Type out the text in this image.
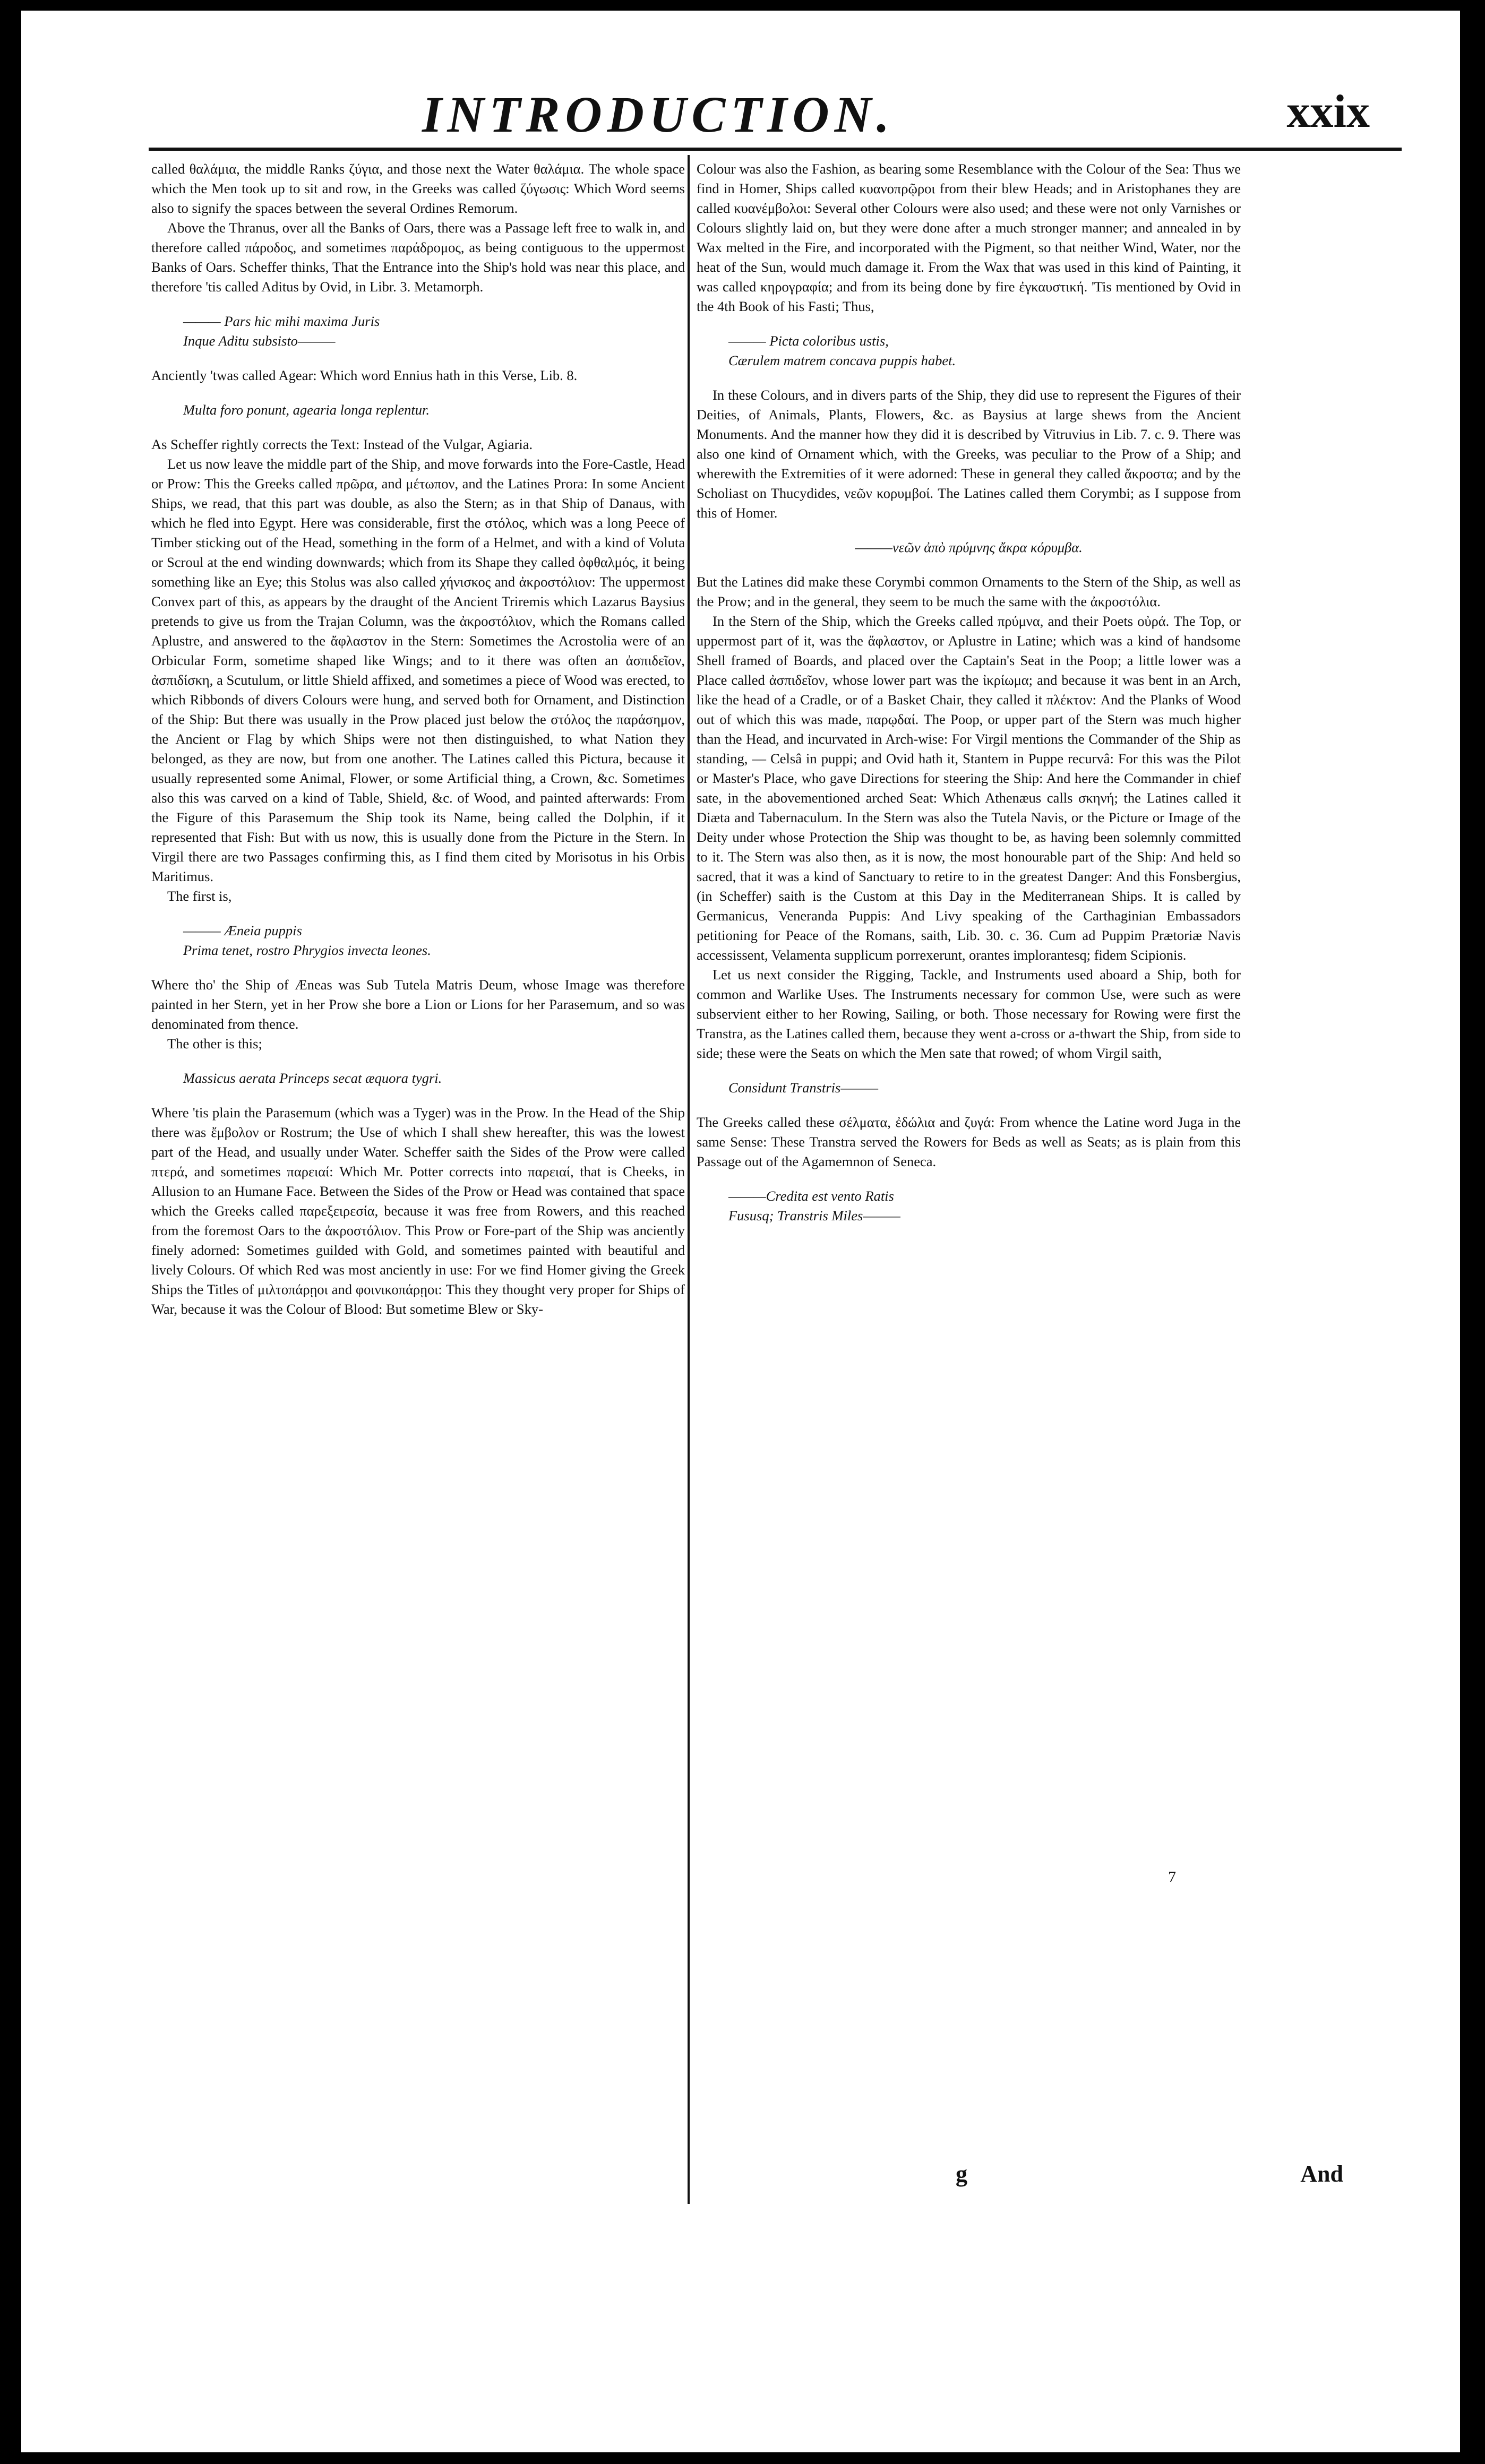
INTRODUCTION.	xxix

called θαλάμια, the middle Ranks ζύγια, and those next the Water θαλάμια. The whole space which the Men took up to sit and row, in the Greeks was called ζύγωσις: Which Word seems also to signify the spaces between the several Ordines Remorum.

Above the Thranus, over all the Banks of Oars, there was a Passage left free to walk in, and therefore called πάροδος, and sometimes παράδρομος, as being contiguous to the uppermost Banks of Oars. Scheffer thinks, That the Entrance into the Ship's hold was near this place, and therefore 'tis called Aditus by Ovid, in Libr. 3. Metamorph.

——— Pars hic mihi maxima Juris
Inque Aditu subsisto———

Anciently 'twas called Agear: Which word Ennius hath in this Verse, Lib. 8.

Multa foro ponunt, agearia longa replentur.

As Scheffer rightly corrects the Text: Instead of the Vulgar, Agiaria.

Let us now leave the middle part of the Ship, and move forwards into the Fore-Castle, Head or Prow: This the Greeks called πρῶρα, and μέτωπον, and the Latines Prora: In some Ancient Ships, we read, that this part was double, as also the Stern; as in that Ship of Danaus, with which he fled into Egypt. Here was considerable, first the στόλος, which was a long Peece of Timber sticking out of the Head, something in the form of a Helmet, and with a kind of Voluta or Scroul at the end winding downwards; which from its Shape they called ὀφθαλμός, it being something like an Eye; this Stolus was also called χήνισκος and ἀκροστόλιον: The uppermost Convex part of this, as appears by the draught of the Ancient Triremis which Lazarus Baysius pretends to give us from the Trajan Column, was the ἀκροστόλιον, which the Romans called Aplustre, and answered to the ἄφλαστον in the Stern: Sometimes the Acrostolia were of an Orbicular Form, sometime shaped like Wings; and to it there was often an ἀσπιδεῖον, ἀσπιδίσκη, a Scutulum, or little Shield affixed, and sometimes a piece of Wood was erected, to which Ribbonds of divers Colours were hung, and served both for Ornament, and Distinction of the Ship: But there was usually in the Prow placed just below the στόλος the παράσημον, the Ancient or Flag by which Ships were not then distinguished, to what Nation they belonged, as they are now, but from one another. The Latines called this Pictura, because it usually represented some Animal, Flower, or some Artificial thing, a Crown, &c. Sometimes also this was carved on a kind of Table, Shield, &c. of Wood, and painted afterwards: From the Figure of this Parasemum the Ship took its Name, being called the Dolphin, if it represented that Fish: But with us now, this is usually done from the Picture in the Stern. In Virgil there are two Passages confirming this, as I find them cited by Morisotus in his Orbis Maritimus.

The first is,

——— Æneia puppis
Prima tenet, rostro Phrygios invecta leones.

Where tho' the Ship of Æneas was Sub Tutela Matris Deum, whose Image was therefore painted in her Stern, yet in her Prow she bore a Lion or Lions for her Parasemum, and so was denominated from thence.

The other is this;

Massicus aerata Princeps secat æquora tygri.

Where 'tis plain the Parasemum (which was a Tyger) was in the Prow. In the Head of the Ship there was ἔμβολον or Rostrum; the Use of which I shall shew hereafter, this was the lowest part of the Head, and usually under Water. Scheffer saith the Sides of the Prow were called πτερά, and sometimes παρειαί: Which Mr. Potter corrects into παρειαί, that is Cheeks, in Allusion to an Humane Face. Between the Sides of the Prow or Head was contained that space which the Greeks called παρεξειρεσία, because it was free from Rowers, and this reached from the foremost Oars to the ἀκροστόλιον. This Prow or Fore-part of the Ship was anciently finely adorned: Sometimes guilded with Gold, and sometimes painted with beautiful and lively Colours. Of which Red was most anciently in use: For we find Homer giving the Greek Ships the Titles of μιλτοπάρῃοι and φοινικοπάρῃοι: This they thought very proper for Ships of War, because it was the Colour of Blood: But sometime Blew or Sky-

Colour was also the Fashion, as bearing some Resemblance with the Colour of the Sea: Thus we find in Homer, Ships called κυανοπρῷροι from their blew Heads; and in Aristophanes they are called κυανέμβολοι: Several other Colours were also used; and these were not only Varnishes or Colours slightly laid on, but they were done after a much stronger manner; and annealed in by Wax melted in the Fire, and incorporated with the Pigment, so that neither Wind, Water, nor the heat of the Sun, would much damage it. From the Wax that was used in this kind of Painting, it was called κηρογραφία; and from its being done by fire ἐγκαυστική. 'Tis mentioned by Ovid in the 4th Book of his Fasti; Thus,

——— Picta coloribus ustis,
Cærulem matrem concava puppis habet.

In these Colours, and in divers parts of the Ship, they did use to represent the Figures of their Deities, of Animals, Plants, Flowers, &c. as Baysius at large shews from the Ancient Monuments. And the manner how they did it is described by Vitruvius in Lib. 7. c. 9. There was also one kind of Ornament which, with the Greeks, was peculiar to the Prow of a Ship; and wherewith the Extremities of it were adorned: These in general they called ἄκροστα; and by the Scholiast on Thucydides, νεῶν κορυμβοί. The Latines called them Corymbi; as I suppose from this of Homer.

———νεῶν ἀπὸ πρύμνης ἄκρα κόρυμβα.

But the Latines did make these Corymbi common Ornaments to the Stern of the Ship, as well as the Prow; and in the general, they seem to be much the same with the ἀκροστόλια.

In the Stern of the Ship, which the Greeks called πρύμνα, and their Poets οὐρά. The Top, or uppermost part of it, was the ἄφλαστον, or Aplustre in Latine; which was a kind of handsome Shell framed of Boards, and placed over the Captain's Seat in the Poop; a little lower was a Place called ἀσπιδεῖον, whose lower part was the ἰκρίωμα; and because it was bent in an Arch, like the head of a Cradle, or of a Basket Chair, they called it πλέκτον: And the Planks of Wood out of which this was made, παρῳδαί. The Poop, or upper part of the Stern was much higher than the Head, and incurvated in Arch-wise: For Virgil mentions the Commander of the Ship as standing, — Celsâ in puppi; and Ovid hath it, Stantem in Puppe recurvâ: For this was the Pilot or Master's Place, who gave Directions for steering the Ship: And here the Commander in chief sate, in the abovementioned arched Seat: Which Athenæus calls σκηνή; the Latines called it Diæta and Tabernaculum. In the Stern was also the Tutela Navis, or the Picture or Image of the Deity under whose Protection the Ship was thought to be, as having been solemnly committed to it. The Stern was also then, as it is now, the most honourable part of the Ship: And held so sacred, that it was a kind of Sanctuary to retire to in the greatest Danger: And this Fonsbergius, (in Scheffer) saith is the Custom at this Day in the Mediterranean Ships. It is called by Germanicus, Veneranda Puppis: And Livy speaking of the Carthaginian Embassadors petitioning for Peace of the Romans, saith, Lib. 30. c. 36. Cum ad Puppim Prætoriæ Navis accessissent, Velamenta supplicum porrexerunt, orantes implorantesq; fidem Scipionis.

Let us next consider the Rigging, Tackle, and Instruments used aboard a Ship, both for common and Warlike Uses. The Instruments necessary for common Use, were such as were subservient either to her Rowing, Sailing, or both. Those necessary for Rowing were first the Transtra, as the Latines called them, because they went a-cross or a-thwart the Ship, from side to side; these were the Seats on which the Men sate that rowed; of whom Virgil saith,

Considunt Transtris———

The Greeks called these σέλματα, ἐδώλια and ζυγά: From whence the Latine word Juga in the same Sense: These Transtra served the Rowers for Beds as well as Seats; as is plain from this Passage out of the Agamemnon of Seneca.

———Credita est vento Ratis
Fususq; Transtris Miles———

7
g	And
